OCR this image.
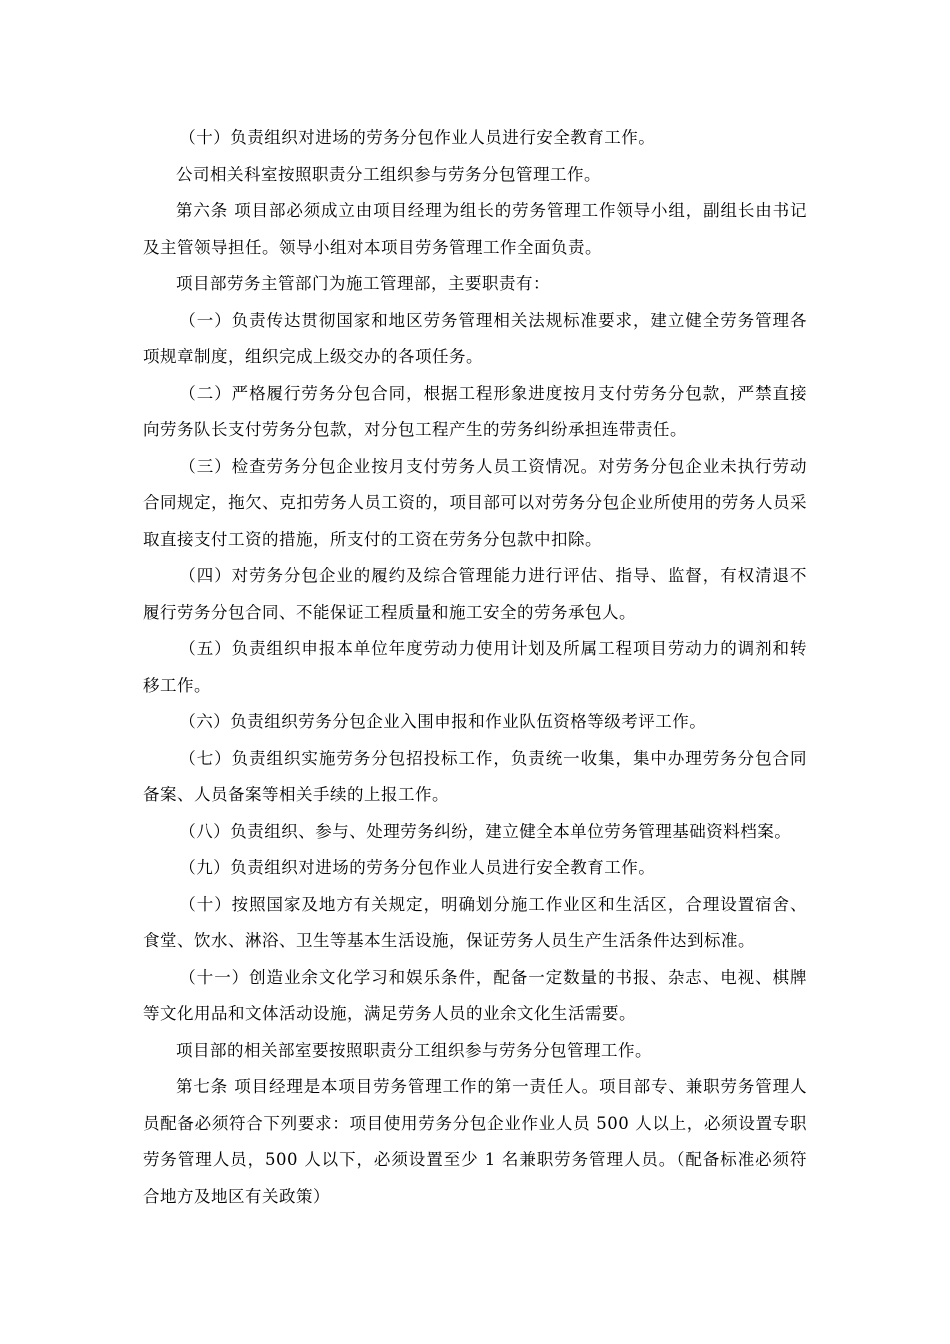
（十）负责组织对进场的劳务分包作业人员进行安全教育工作。

公司相关科室按照职责分工组织参与劳务分包管理工作。

第六条 项目部必须成立由项目经理为组长的劳务管理工作领导小组，副组长由书记及主管领导担任。领导小组对本项目劳务管理工作全面负责。

项目部劳务主管部门为施工管理部，主要职责有：

（一）负责传达贯彻国家和地区劳务管理相关法规标准要求，建立健全劳务管理各项规章制度，组织完成上级交办的各项任务。

（二）严格履行劳务分包合同，根据工程形象进度按月支付劳务分包款，严禁直接向劳务队长支付劳务分包款，对分包工程产生的劳务纠纷承担连带责任。

（三）检查劳务分包企业按月支付劳务人员工资情况。对劳务分包企业未执行劳动合同规定，拖欠、克扣劳务人员工资的，项目部可以对劳务分包企业所使用的劳务人员采取直接支付工资的措施，所支付的工资在劳务分包款中扣除。

（四）对劳务分包企业的履约及综合管理能力进行评估、指导、监督，有权清退不履行劳务分包合同、不能保证工程质量和施工安全的劳务承包人。

（五）负责组织申报本单位年度劳动力使用计划及所属工程项目劳动力的调剂和转移工作。

（六）负责组织劳务分包企业入围申报和作业队伍资格等级考评工作。

（七）负责组织实施劳务分包招投标工作，负责统一收集，集中办理劳务分包合同备案、人员备案等相关手续的上报工作。

（八）负责组织、参与、处理劳务纠纷，建立健全本单位劳务管理基础资料档案。

（九）负责组织对进场的劳务分包作业人员进行安全教育工作。

（十）按照国家及地方有关规定，明确划分施工作业区和生活区，合理设置宿舍、食堂、饮水、淋浴、卫生等基本生活设施，保证劳务人员生产生活条件达到标准。

（十一）创造业余文化学习和娱乐条件，配备一定数量的书报、杂志、电视、棋牌等文化用品和文体活动设施，满足劳务人员的业余文化生活需要。

项目部的相关部室要按照职责分工组织参与劳务分包管理工作。

第七条 项目经理是本项目劳务管理工作的第一责任人。项目部专、兼职劳务管理人员配备必须符合下列要求：项目使用劳务分包企业作业人员 500 人以上，必须设置专职劳务管理人员，500 人以下，必须设置至少 1 名兼职劳务管理人员。（配备标准必须符合地方及地区有关政策）
